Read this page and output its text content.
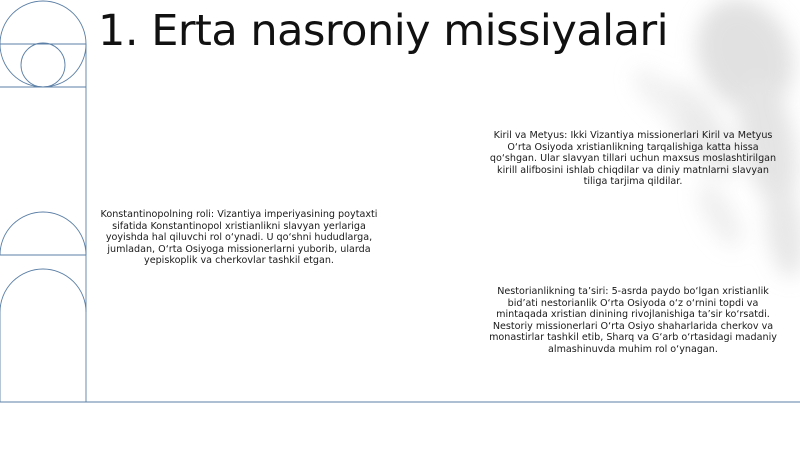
1. Erta nasroniy missiyalari

Kiril va Metyus: Ikki Vizantiya missionerlari Kiril va Metyus O‘rta Osiyoda xristianlikning tarqalishiga katta hissa qo‘shgan. Ular slavyan tillari uchun maxsus moslashtirilgan kirill alifbosini ishlab chiqdilar va diniy matnlarni slavyan tiliga tarjima qildilar.

Konstantinopolning roli: Vizantiya imperiyasining poytaxti sifatida Konstantinopol xristianlikni slavyan yerlariga yoyishda hal qiluvchi rol o‘ynadi. U qo‘shni hududlarga, jumladan, O‘rta Osiyoga missionerlarni yuborib, ularda yepiskoplik va cherkovlar tashkil etgan.

Nestorianlikning ta’siri: 5-asrda paydo bo‘lgan xristianlik bid’ati nestorianlik O‘rta Osiyoda o‘z o‘rnini topdi va mintaqada xristian dinining rivojlanishiga ta’sir ko‘rsatdi. Nestoriy missionerlari O‘rta Osiyo shaharlarida cherkov va monastirlar tashkil etib, Sharq va G‘arb o‘rtasidagi madaniy almashinuvda muhim rol o‘ynagan.
